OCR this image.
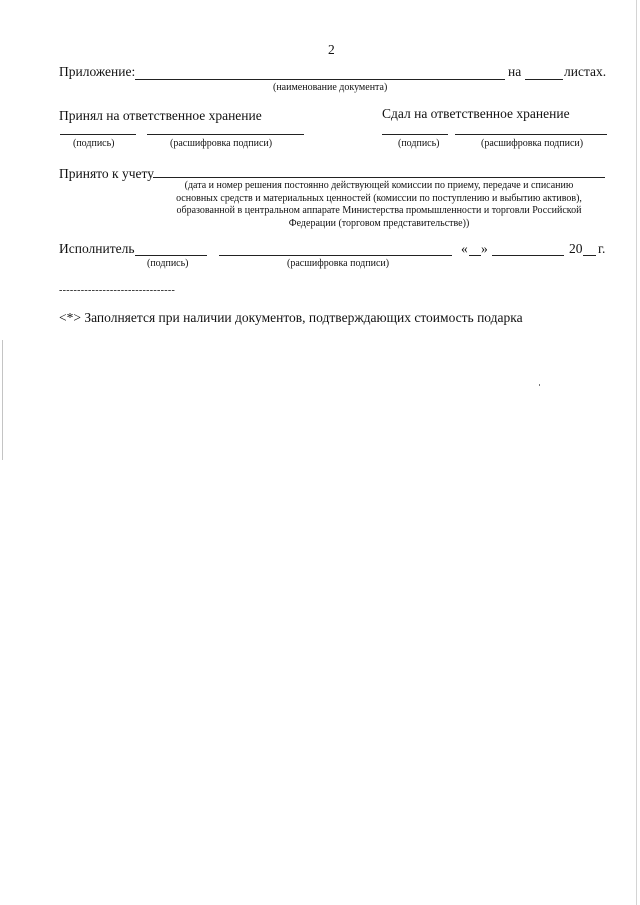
2
Приложение:	на	листах.
(наименование документа)
Принял на ответственное хранение	Сдал на ответственное хранение
(подпись)	(расшифровка подписи)	(подпись)	(расшифровка подписи)
Принято к учету
(дата и номер решения постоянно действующей комиссии по приему, передаче и списанию
основных средств и материальных ценностей (комиссии по поступлению и выбытию активов),
образованной в центральном аппарате Министерства промышленности и торговли Российской
Федерации (торговом представительстве))
Исполнитель	« »	20 г.
(подпись)	(расшифровка подписи)
--------------------------------
<*> Заполняется при наличии документов, подтверждающих стоимость подарка
